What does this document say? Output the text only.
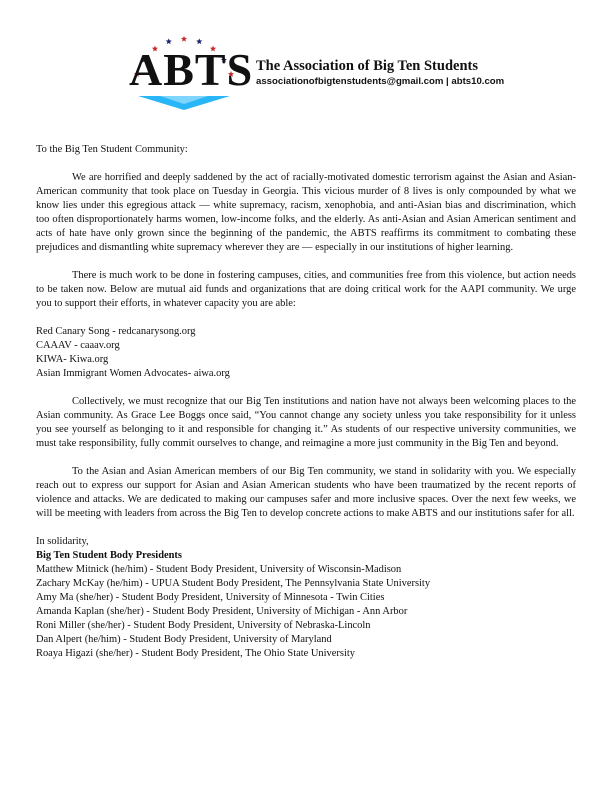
ABTS The Association of Big Ten Students
associationofbigtenstudents@gmail.com | abts10.com

To the Big Ten Student Community:

We are horrified and deeply saddened by the act of racially-motivated domestic terrorism against the Asian and Asian-American community that took place on Tuesday in Georgia. This vicious murder of 8 lives is only compounded by what we know lies under this egregious attack — white supremacy, racism, xenophobia, and anti-Asian bias and discrimination, which too often disproportionately harms women, low-income folks, and the elderly. As anti-Asian and Asian American sentiment and acts of hate have only grown since the beginning of the pandemic, the ABTS reaffirms its commitment to combating these prejudices and dismantling white supremacy wherever they are — especially in our institutions of higher learning.

There is much work to be done in fostering campuses, cities, and communities free from this violence, but action needs to be taken now. Below are mutual aid funds and organizations that are doing critical work for the AAPI community. We urge you to support their efforts, in whatever capacity you are able:

Red Canary Song - redcanarysong.org
CAAAV - caaav.org
KIWA- Kiwa.org
Asian Immigrant Women Advocates- aiwa.org

Collectively, we must recognize that our Big Ten institutions and nation have not always been welcoming places to the Asian community. As Grace Lee Boggs once said, “You cannot change any society unless you take responsibility for it unless you see yourself as belonging to it and responsible for changing it.” As students of our respective university communities, we must take responsibility, fully commit ourselves to change, and reimagine a more just community in the Big Ten and beyond.

To the Asian and Asian American members of our Big Ten community, we stand in solidarity with you. We especially reach out to express our support for Asian and Asian American students who have been traumatized by the recent reports of violence and attacks. We are dedicated to making our campuses safer and more inclusive spaces. Over the next few weeks, we will be meeting with leaders from across the Big Ten to develop concrete actions to make ABTS and our institutions safer for all.

In solidarity,

Big Ten Student Body Presidents
Matthew Mitnick (he/him) - Student Body President, University of Wisconsin-Madison
Zachary McKay (he/him) - UPUA Student Body President, The Pennsylvania State University
Amy Ma (she/her) - Student Body President, University of Minnesota - Twin Cities
Amanda Kaplan (she/her) - Student Body President, University of Michigan - Ann Arbor
Roni Miller (she/her) - Student Body President, University of Nebraska-Lincoln
Dan Alpert (he/him) - Student Body President, University of Maryland
Roaya Higazi (she/her) - Student Body President, The Ohio State University
